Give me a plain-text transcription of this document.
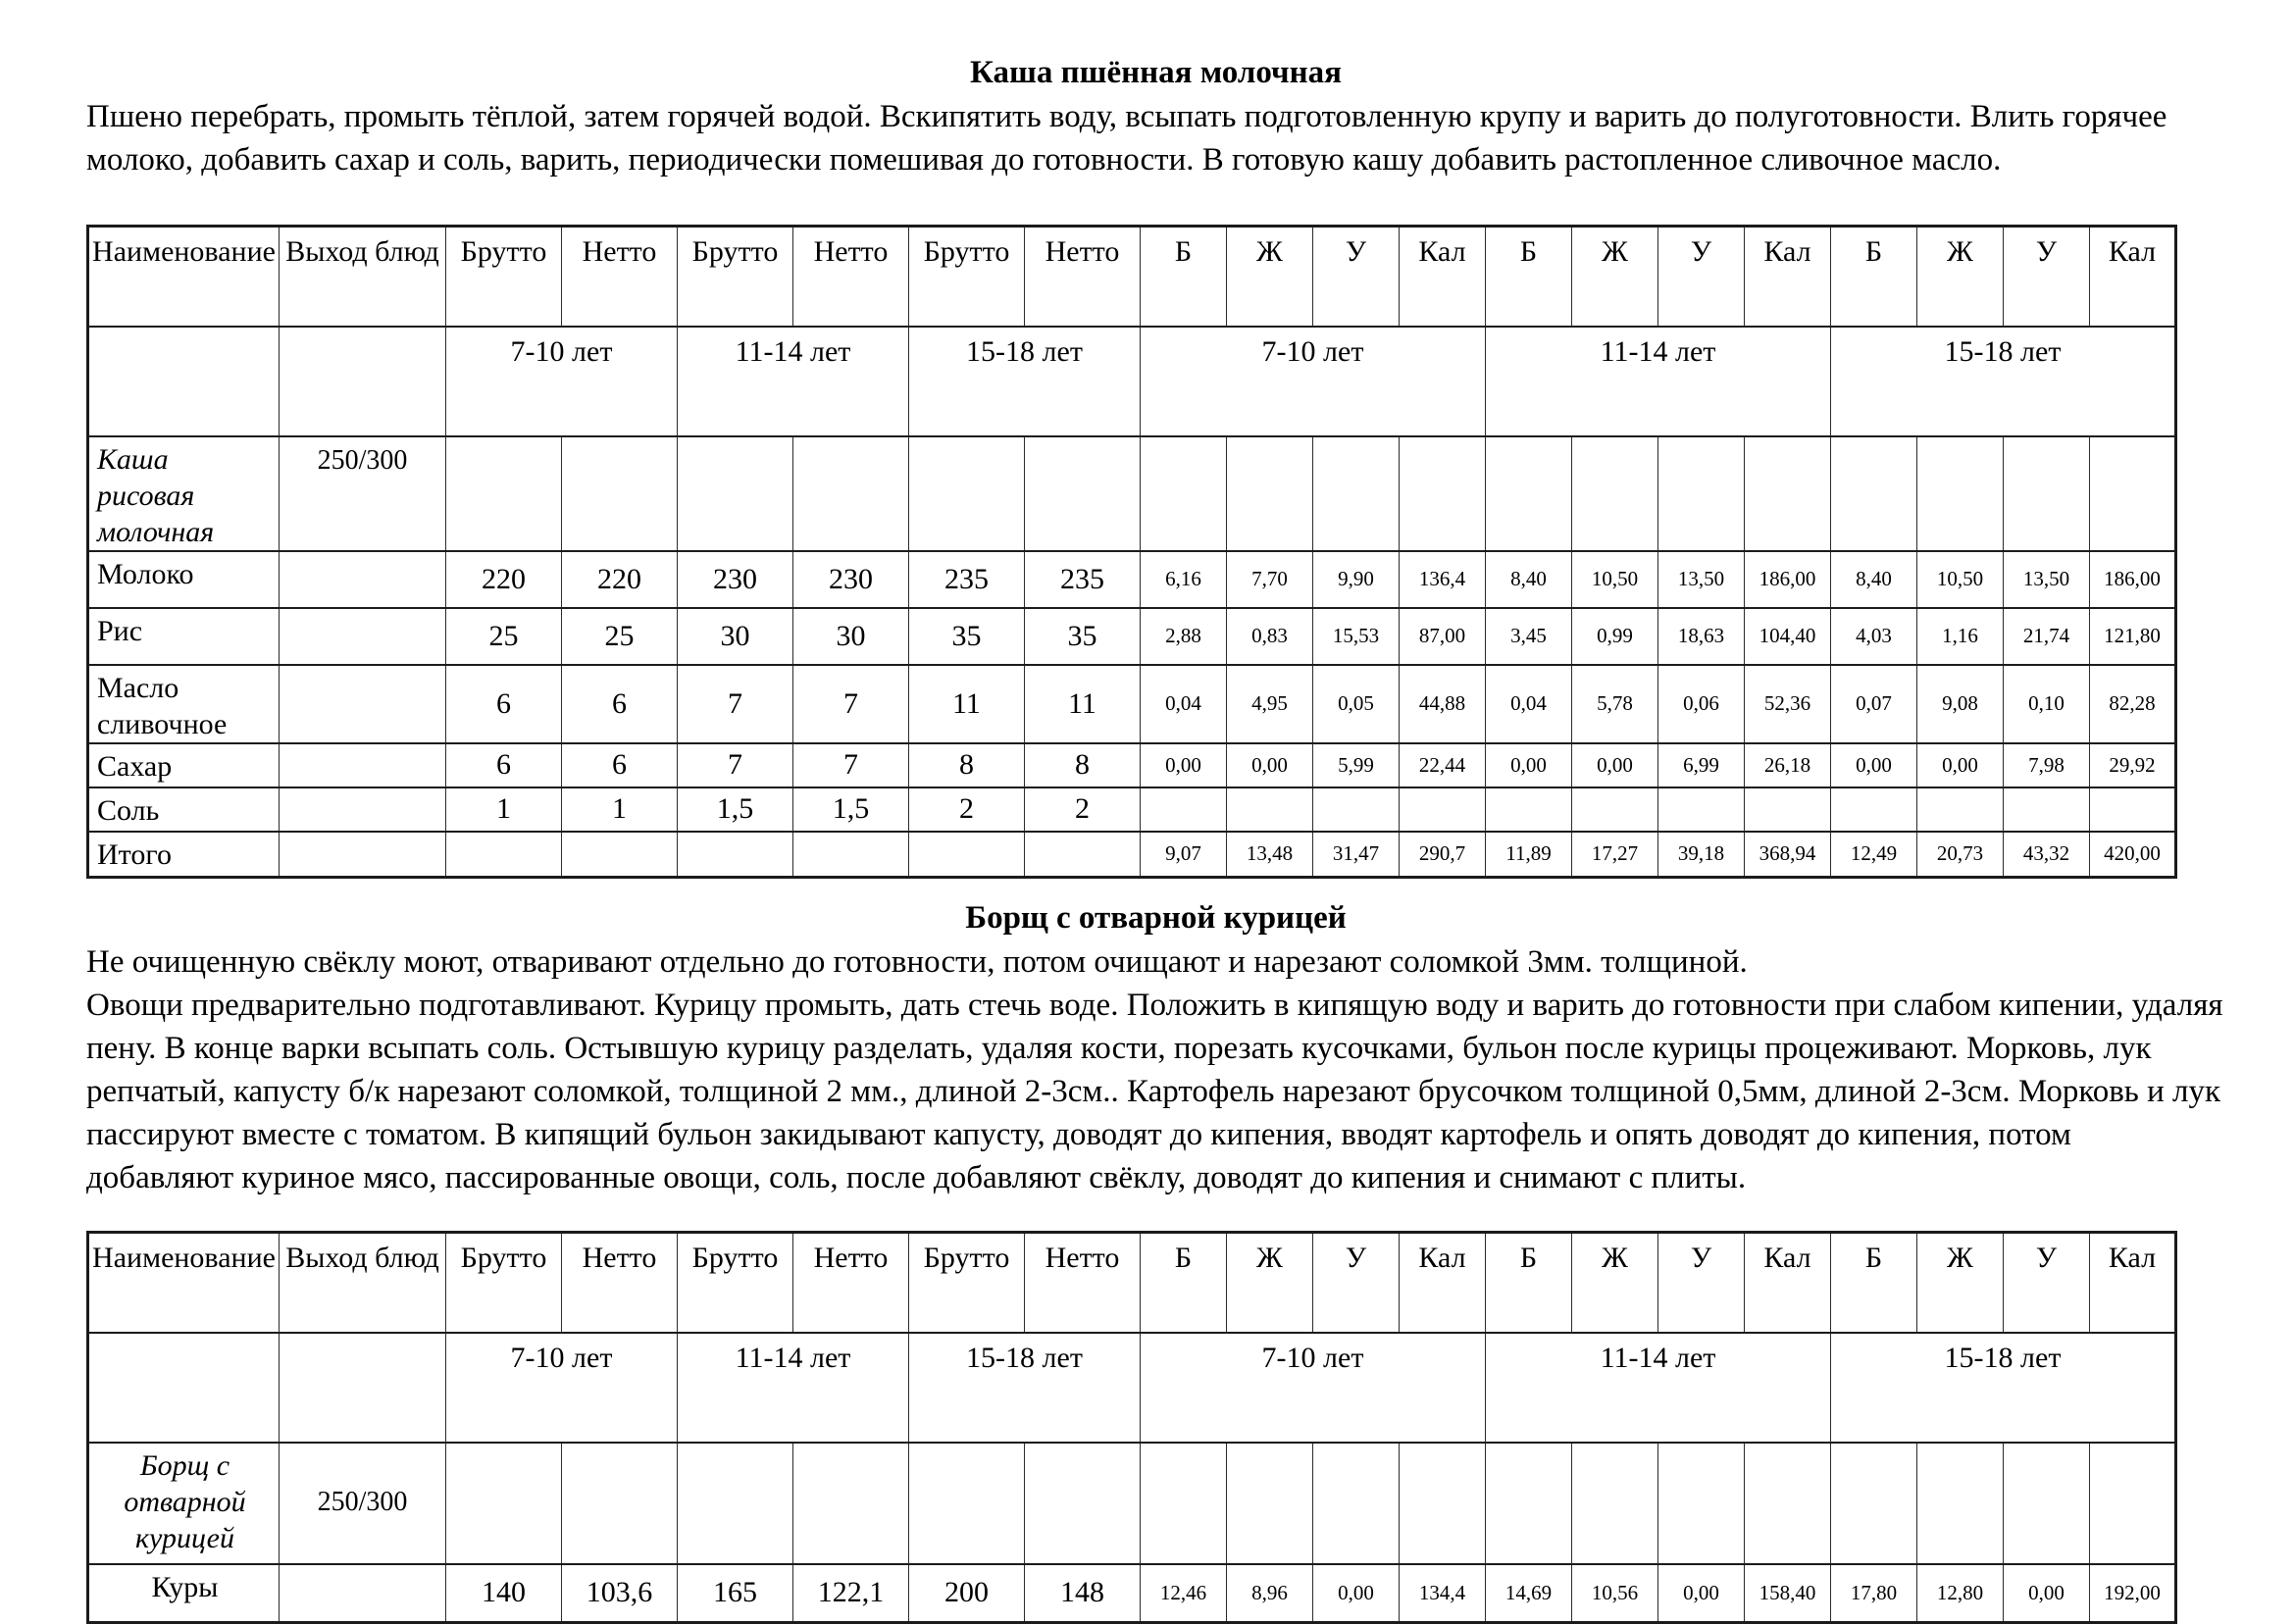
Каша пшённая молочная
Пшено перебрать, промыть тёплой, затем горячей водой. Вскипятить воду, всыпать подготовленную крупу и варить до полуготовности. Влить горячее молоко, добавить сахар и соль, варить, периодически помешивая до готовности. В готовую кашу добавить растопленное сливочное масло.
Наименование	Выход блюд	Брутто	Нетто	Брутто	Нетто	Брутто	Нетто	Б	Ж	У	Кал	Б	Ж	У	Кал	Б	Ж	У	Кал
		7-10 лет		11-14 лет		15-18 лет		7-10 лет				11-14 лет				15-18 лет			
Каша рисовая молочная	250/300																		
Молоко		220	220	230	230	235	235	6,16	7,70	9,90	136,4	8,40	10,50	13,50	186,00	8,40	10,50	13,50	186,00
Рис		25	25	30	30	35	35	2,88	0,83	15,53	87,00	3,45	0,99	18,63	104,40	4,03	1,16	21,74	121,80
Масло сливочное		6	6	7	7	11	11	0,04	4,95	0,05	44,88	0,04	5,78	0,06	52,36	0,07	9,08	0,10	82,28
Сахар		6	6	7	7	8	8	0,00	0,00	5,99	22,44	0,00	0,00	6,99	26,18	0,00	0,00	7,98	29,92
Соль		1	1	1,5	1,5	2	2												
Итого								9,07	13,48	31,47	290,7	11,89	17,27	39,18	368,94	12,49	20,73	43,32	420,00
Борщ с отварной курицей
Не очищенную свёклу моют, отваривают отдельно до готовности, потом очищают и нарезают соломкой 3мм. толщиной.
Овощи предварительно подготавливают. Курицу промыть, дать стечь воде. Положить в кипящую воду и варить до готовности при слабом кипении, удаляя пену. В конце варки всыпать соль. Остывшую курицу разделать, удаляя кости, порезать кусочками, бульон после курицы процеживают. Морковь, лук репчатый, капусту б/к нарезают соломкой, толщиной 2 мм., длиной 2-3см.. Картофель нарезают брусочком толщиной 0,5мм, длиной 2-3см. Морковь и лук пассируют вместе с томатом. В кипящий бульон закидывают капусту, доводят до кипения, вводят картофель и опять доводят до кипения, потом добавляют куриное мясо, пассированные овощи, соль, после добавляют свёклу, доводят до кипения и снимают с плиты.
Наименование	Выход блюд	Брутто	Нетто	Брутто	Нетто	Брутто	Нетто	Б	Ж	У	Кал	Б	Ж	У	Кал	Б	Ж	У	Кал
		7-10 лет		11-14 лет		15-18 лет		7-10 лет				11-14 лет				15-18 лет			
Борщ с отварной курицей	250/300																		
Куры		140	103,6	165	122,1	200	148	12,46	8,96	0,00	134,4	14,69	10,56	0,00	158,40	17,80	12,80	0,00	192,00
